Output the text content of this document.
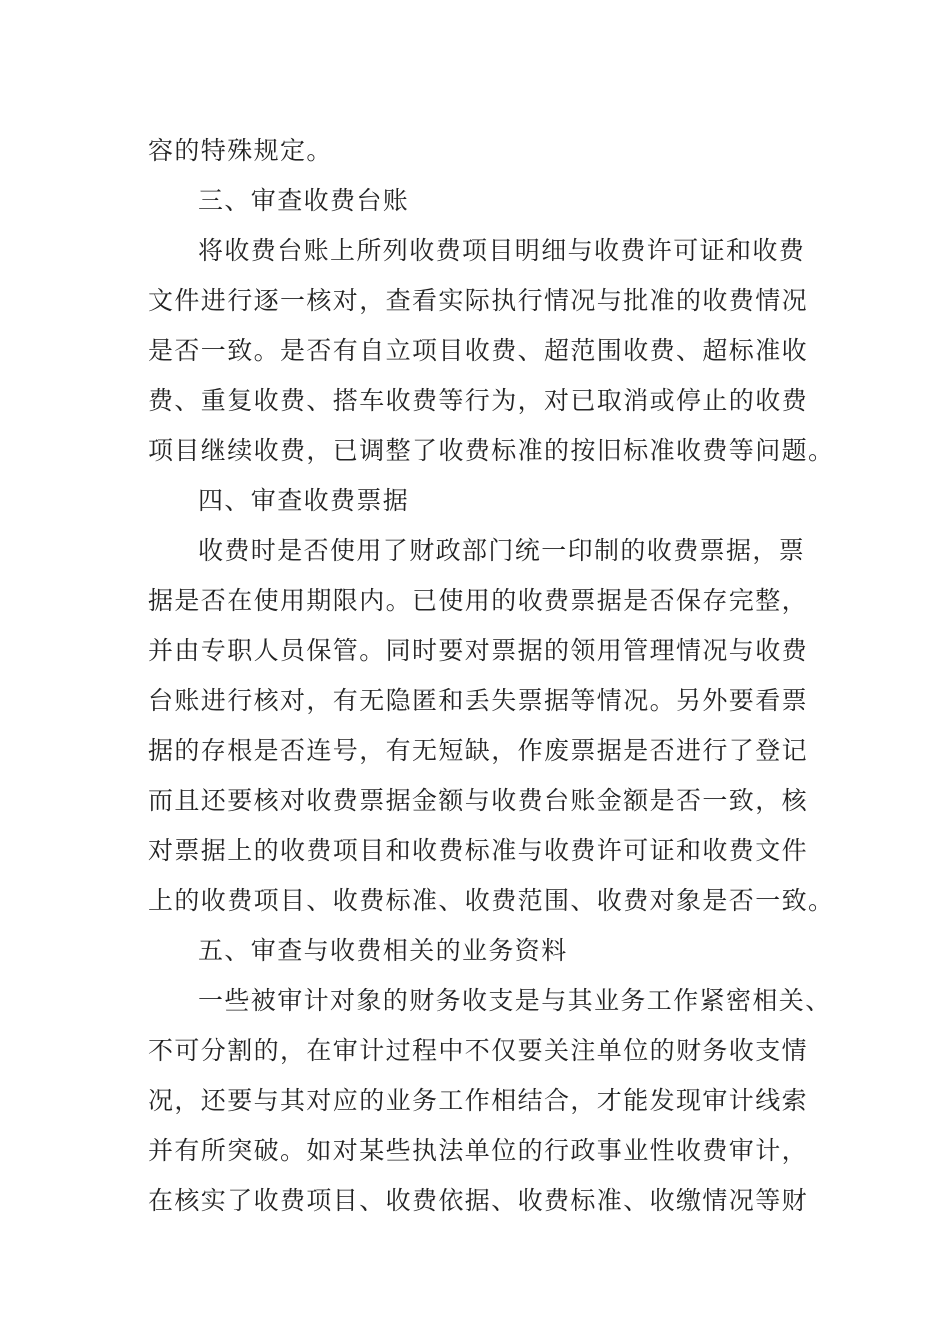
容的特殊规定。
三、审查收费台账
将收费台账上所列收费项目明细与收费许可证和收费
文件进行逐一核对，查看实际执行情况与批准的收费情况
是否一致。是否有自立项目收费、超范围收费、超标准收
费、重复收费、搭车收费等行为，对已取消或停止的收费
项目继续收费，已调整了收费标准的按旧标准收费等问题。
四、审查收费票据
收费时是否使用了财政部门统一印制的收费票据，票
据是否在使用期限内。已使用的收费票据是否保存完整，
并由专职人员保管。同时要对票据的领用管理情况与收费
台账进行核对，有无隐匿和丢失票据等情况。另外要看票
据的存根是否连号，有无短缺，作废票据是否进行了登记
而且还要核对收费票据金额与收费台账金额是否一致，核
对票据上的收费项目和收费标准与收费许可证和收费文件
上的收费项目、收费标准、收费范围、收费对象是否一致。
五、审查与收费相关的业务资料
一些被审计对象的财务收支是与其业务工作紧密相关、
不可分割的，在审计过程中不仅要关注单位的财务收支情
况，还要与其对应的业务工作相结合，才能发现审计线索
并有所突破。如对某些执法单位的行政事业性收费审计，
在核实了收费项目、收费依据、收费标准、收缴情况等财
